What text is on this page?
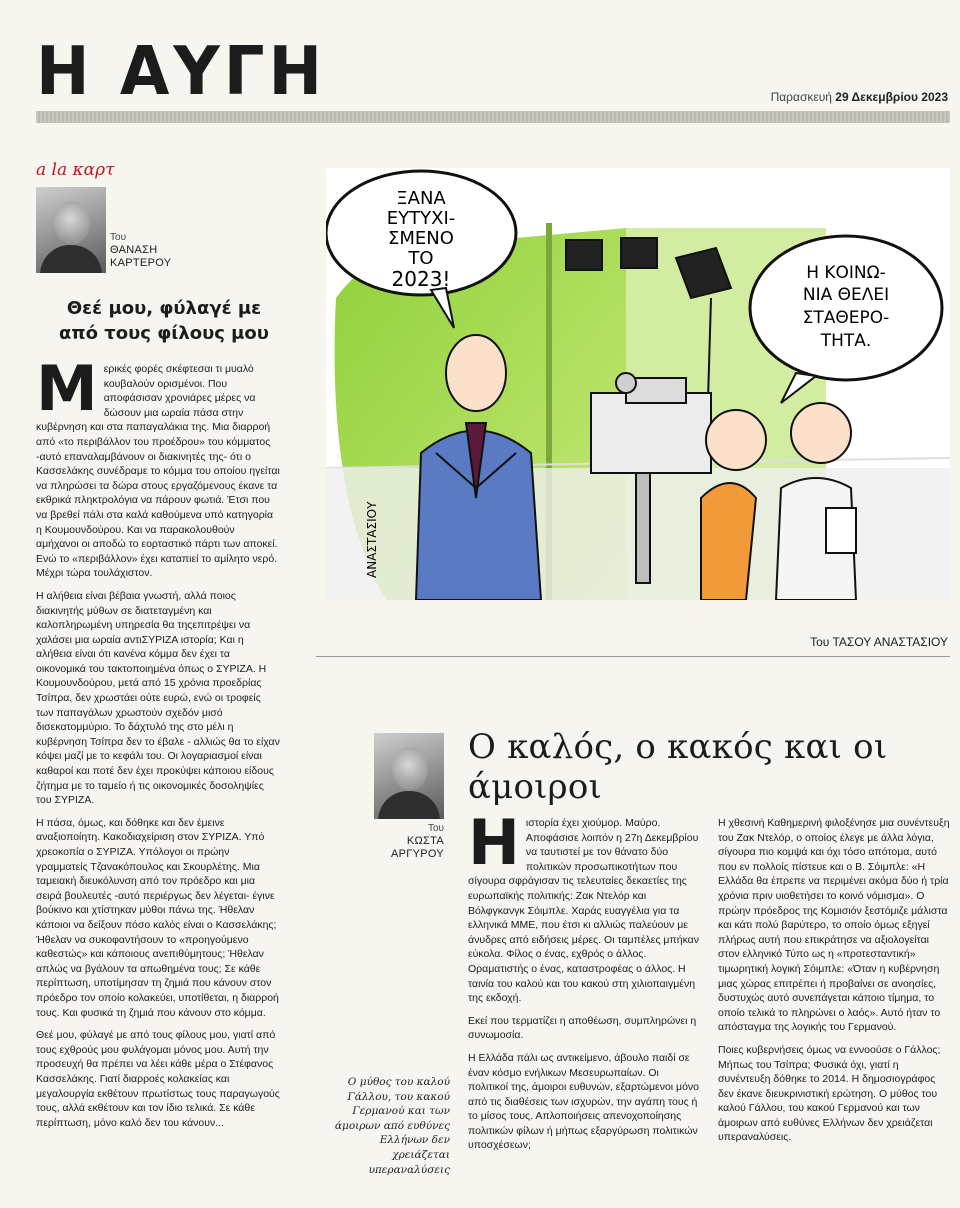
Η ΑΥΓΗ	Παρασκευή 29 Δεκεμβρίου 2023
a la καρτ
Του
ΘΑΝΑΣΗ
ΚΑΡΤΕΡΟΥ
Θεέ μου, φύλαγέ με
από τους φίλους μου

Μερικές φορές σκέφτεσαι τι μυαλό κουβαλούν ορισμένοι. Που αποφάσισαν χρονιάρες μέρες να δώσουν μια ωραία πάσα στην κυβέρνηση και στα παπαγαλάκια της. Μια διαρροή από «το περιβάλλον του προέδρου» του κόμματος -αυτό επαναλαμβάνουν οι διακινητές της- ότι ο Κασσελάκης συνέδραμε το κόμμα του οποίου ηγείται να πληρώσει τα δώρα στους εργαζόμενους έκανε τα εκθρικά πληκτρολόγια να πάρουν φωτιά. Έτσι που να βρεθεί πάλι στα καλά καθούμενα υπό κατηγορία η Κουμουνδούρου. Και να παρακολουθούν αμήχανοι οι αποδώ το εορταστικό πάρτι των αποκεί. Ενώ το «περιβάλλον» έχει καταπιεί το αμίλητο νερό. Μέχρι τώρα τουλάχιστον.

Η αλήθεια είναι βέβαια γνωστή, αλλά ποιος διακινητής μύθων σε διατεταγμένη και καλοπληρωμένη υπηρεσία θα τηςεπιτρέψει να χαλάσει μια ωραία αντιΣΥΡΙΖΑ ιστορία; Και η αλήθεια είναι ότι κανένα κόμμα δεν έχει τα οικονομικά του τακτοποιημένα όπως ο ΣΥΡΙΖΑ. Η Κουμουνδούρου, μετά από 15 χρόνια προεδρίας Τσίπρα, δεν χρωστάει ούτε ευρώ, ενώ οι τροφείς των παπαγάλων χρωστούν σχεδόν μισό δισεκατομμύριο. Το δάχτυλό της στο μέλι η κυβέρνηση Τσίπρα δεν το έβαλε - αλλιώς θα το είχαν κόψει μαζί με το κεφάλι του. Οι λογαριασμοί είναι καθαροί και ποτέ δεν έχει προκύψει κάποιου είδους ζήτημα με το ταμείο ή τις οικονομικές δοσοληψίες του ΣΥΡΙΖΑ.

Η πάσα, όμως, και δόθηκε και δεν έμεινε αναξιοποίητη. Κακοδιαχείριση στον ΣΥΡΙΖΑ. Υπό χρεοκοπία ο ΣΥΡΙΖΑ. Υπόλογοι οι πρώην γραμματείς Τζανακόπουλος και Σκουρλέτης. Μια ταμειακή διευκόλυνση από τον πρόεδρο και μια σειρά βουλευτές -αυτό περιέργως δεν λέγεται- έγινε βούκινο και χτίστηκαν μύθοι πάνω της. Ήθελαν κάποιοι να δείξουν πόσο καλός είναι ο Κασσελάκης; Ήθελαν να συκοφαντήσουν το «προηγούμενο καθεστώς» και κάποιους ανεπιθύμητους; Ήθελαν απλώς να βγάλουν τα απωθημένα τους; Σε κάθε περίπτωση, υποτίμησαν τη ζημιά που κάνουν στον πρόεδρο τον οποίο κολακεύει, υποτίθεται, η διαρροή τους. Και φυσικά τη ζημιά που κάνουν στο κόμμα.

Θεέ μου, φύλαγέ με από τους φίλους μου, γιατί από τους εχθρούς μου φυλάγομαι μόνος μου. Αυτή την προσευχή θα πρέπει να λέει κάθε μέρα ο Στέφανος Κασσελάκης. Γιατί διαρροές κολακείας και μεγαλουργία εκθέτουν πρωτίστως τους παραγωγούς τους, αλλά εκθέτουν και τον ίδιο τελικά. Σε κάθε περίπτωση, μόνο καλό δεν του κάνουν...

ΞΑΝΑ
ΕΥΤΥΧΙ-
ΣΜΕΝΟ
ΤΟ
2023!	Η ΚΟΙΝΩ-
ΝΙΑ ΘΕΛΕΙ
ΣΤΑΘΕΡΟ-
ΤΗΤΑ.
ΑΝΑΣΤΑΣΙΟΥ
Του ΤΑΣΟΥ ΑΝΑΣΤΑΣΙΟΥ
Ο καλός, ο κακός και οι άμοιροι
Του
ΚΩΣΤΑ
ΑΡΓΥΡΟΥ
Ο μύθος του καλού Γάλλου, του κακού Γερμανού και των άμοιρων από ευθύνες Ελλήνων δεν χρειάζεται υπεραναλύσεις

Ηιστορία έχει χιούμορ. Μαύρο. Αποφάσισε λοιπόν η 27η Δεκεμβρίου να ταυτιστεί με τον θάνατο δύο πολιτικών προσωπικοτήτων που σίγουρα σφράγισαν τις τελευταίες δεκαετίες της ευρωπαϊκής πολιτικής: Ζακ Ντελόρ και Βόλφγκανγκ Σόιμπλε. Χαράς ευαγγέλια για τα ελληνικά ΜΜΕ, που έτσι κι αλλιώς παλεύουν με άνυδρες από ειδήσεις μέρες. Οι ταμπέλες μπήκαν εύκολα. Φίλος ο ένας, εχθρός ο άλλος. Οραματιστής ο ένας, καταστροφέας ο άλλος. Η ταινία του καλού και του κακού στη χιλιοπαιγμένη της εκδοχή.

Εκεί που τερματίζει η αποθέωση, συμπληρώνει η συνωμοσία.

Η Ελλάδα πάλι ως αντικείμενο, άβουλο παιδί σε έναν κόσμο ενήλικων Μεσευρωπαίων. Οι πολιτικοί της, άμοιροι ευθυνών, εξαρτώμενοι μόνο από τις διαθέσεις των ισχυρών, την αγάπη τους ή το μίσος τους. Απλοποιήσεις απενοχοποίησης πολιτικών φίλων ή μήπως εξαργύρωση πολιτικών υποσχέσεων;

Η χθεσινή Καθημερινή φιλοξένησε μια συνέντευξη του Ζακ Ντελόρ, ο οποίος έλεγε με άλλα λόγια, σίγουρα πιο κομψά και όχι τόσο απότομα, αυτό που εν πολλοίς πίστευε και ο Β. Σόιμπλε: «Η Ελλάδα θα έπρεπε να περιμένει ακόμα δύο ή τρία χρόνια πριν υιοθετήσει το κοινό νόμισμα». Ο πρώην πρόεδρος της Κομισιόν ξεστόμιζε μάλιστα και κάτι πολύ βαρύτερο, το οποίο όμως εξηγεί πλήρως αυτή που επικράτησε να αξιολογείται στον ελληνικό Τύπο ως η «προτεσταντική» τιμωρητική λογική Σόιμπλε: «Όταν η κυβέρνηση μιας χώρας επιτρέπει ή προβαίνει σε ανοησίες, δυστυχώς αυτό συνεπάγεται κάποιο τίμημα, το οποίο τελικά το πληρώνει ο λαός». Αυτό ήταν το απόσταγμα της λογικής του Γερμανού.

Ποιες κυβερνήσεις όμως να εννοούσε ο Γάλλος; Μήπως του Τσίπρα; Φυσικά όχι, γιατί η συνέντευξη δόθηκε το 2014. Η δημοσιογράφος δεν έκανε διευκρινιστική ερώτηση. Ο μύθος του καλού Γάλλου, του κακού Γερμανού και των άμοιρων από ευθύνες Ελλήνων δεν χρειάζεται υπεραναλύσεις.
